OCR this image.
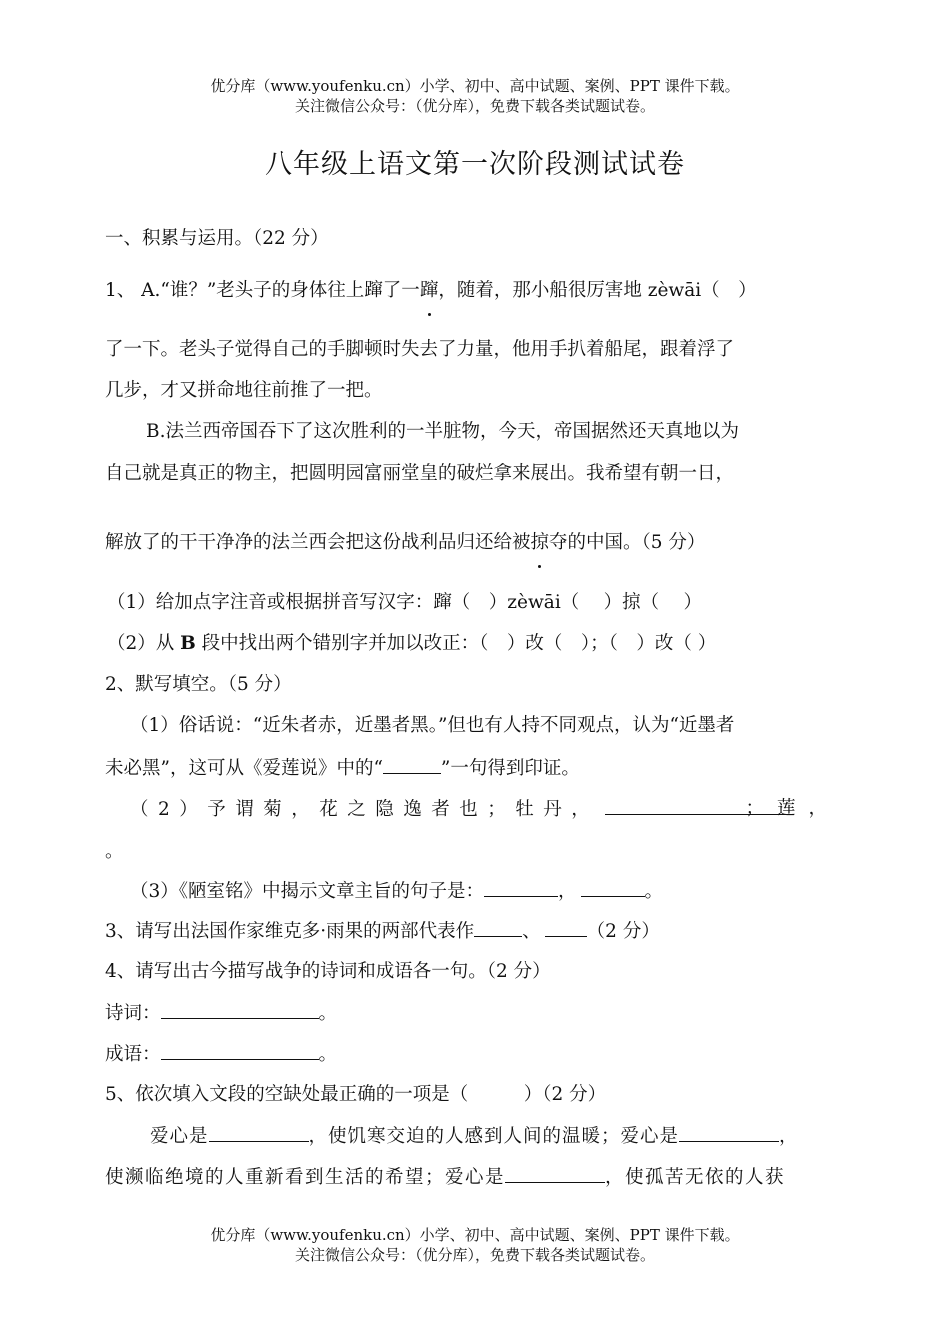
优分库（www.youfenku.cn）小学、初中、高中试题、案例、PPT 课件下载。
关注微信公众号：（优分库），免费下载各类试题试卷。
八年级上语文第一次阶段测试试卷
一、积累与运用。（22 分）
1、 A.“谁？”老头子的身体往上蹿了一蹿，随着，那小船很厉害地 zèwāi（　）
了一下。老头子觉得自己的手脚顿时失去了力量，他用手扒着船尾，跟着浮了
几步，才又拼命地往前推了一把。
B.法兰西帝国吞下了这次胜利的一半脏物，今天，帝国据然还天真地以为
自己就是真正的物主，把圆明园富丽堂皇的破烂拿来展出。我希望有朝一日，
解放了的干干净净的法兰西会把这份战利品归还给被掠夺的中国。（5 分）
（1）给加点字注音或根据拼音写汉字：蹿（　）zèwāi（　 ）掠（　 ）
（2）从 B 段中找出两个错别字并加以改正：（　）改（　）；（　）改（ ）
2、默写填空。（5 分）
（1）俗话说：“近朱者赤，近墨者黑。”但也有人持不同观点，认为“近墨者
未必黑”，这可从《爱莲说》中的“	”一句得到印证。
（2）予谓菊，花之隐逸者也；牡丹，	；莲，
。
（3）《陋室铭》中揭示文章主旨的句子是：	，	。
3、请写出法国作家维克多·雨果的两部代表作	、 （2 分）
4、请写出古今描写战争的诗词和成语各一句。（2 分）
诗词：	。
成语：	。
5、依次填入文段的空缺处最正确的一项是（　　　）（2 分）
爱心是	，使饥寒交迫的人感到人间的温暖；爱心是	，
使濒临绝境的人重新看到生活的希望；爱心是	，使孤苦无依的人获
优分库（www.youfenku.cn）小学、初中、高中试题、案例、PPT 课件下载。
关注微信公众号：（优分库），免费下载各类试题试卷。
